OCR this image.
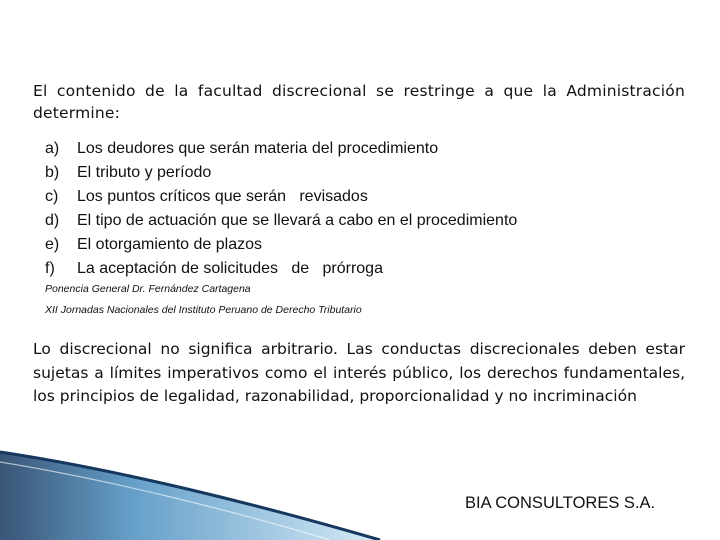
El contenido de la facultad discrecional se restringe a que la Administración determine:

a)	Los deudores que serán materia del procedimiento
b)	El tributo y período
c)	Los puntos críticos que serán   revisados
d)	El tipo de actuación que se llevará a cabo en el procedimiento
e)	El otorgamiento de plazos
f)	La aceptación de solicitudes   de   prórroga

Ponencia General Dr. Fernández Cartagena

XII Jornadas Nacionales del Instituto Peruano de Derecho Tributario

Lo discrecional no significa arbitrario. Las conductas discrecionales deben estar sujetas a límites imperativos como el interés público, los derechos fundamentales, los principios de legalidad, razonabilidad, proporcionalidad y no incriminación

BIA CONSULTORES S.A.
